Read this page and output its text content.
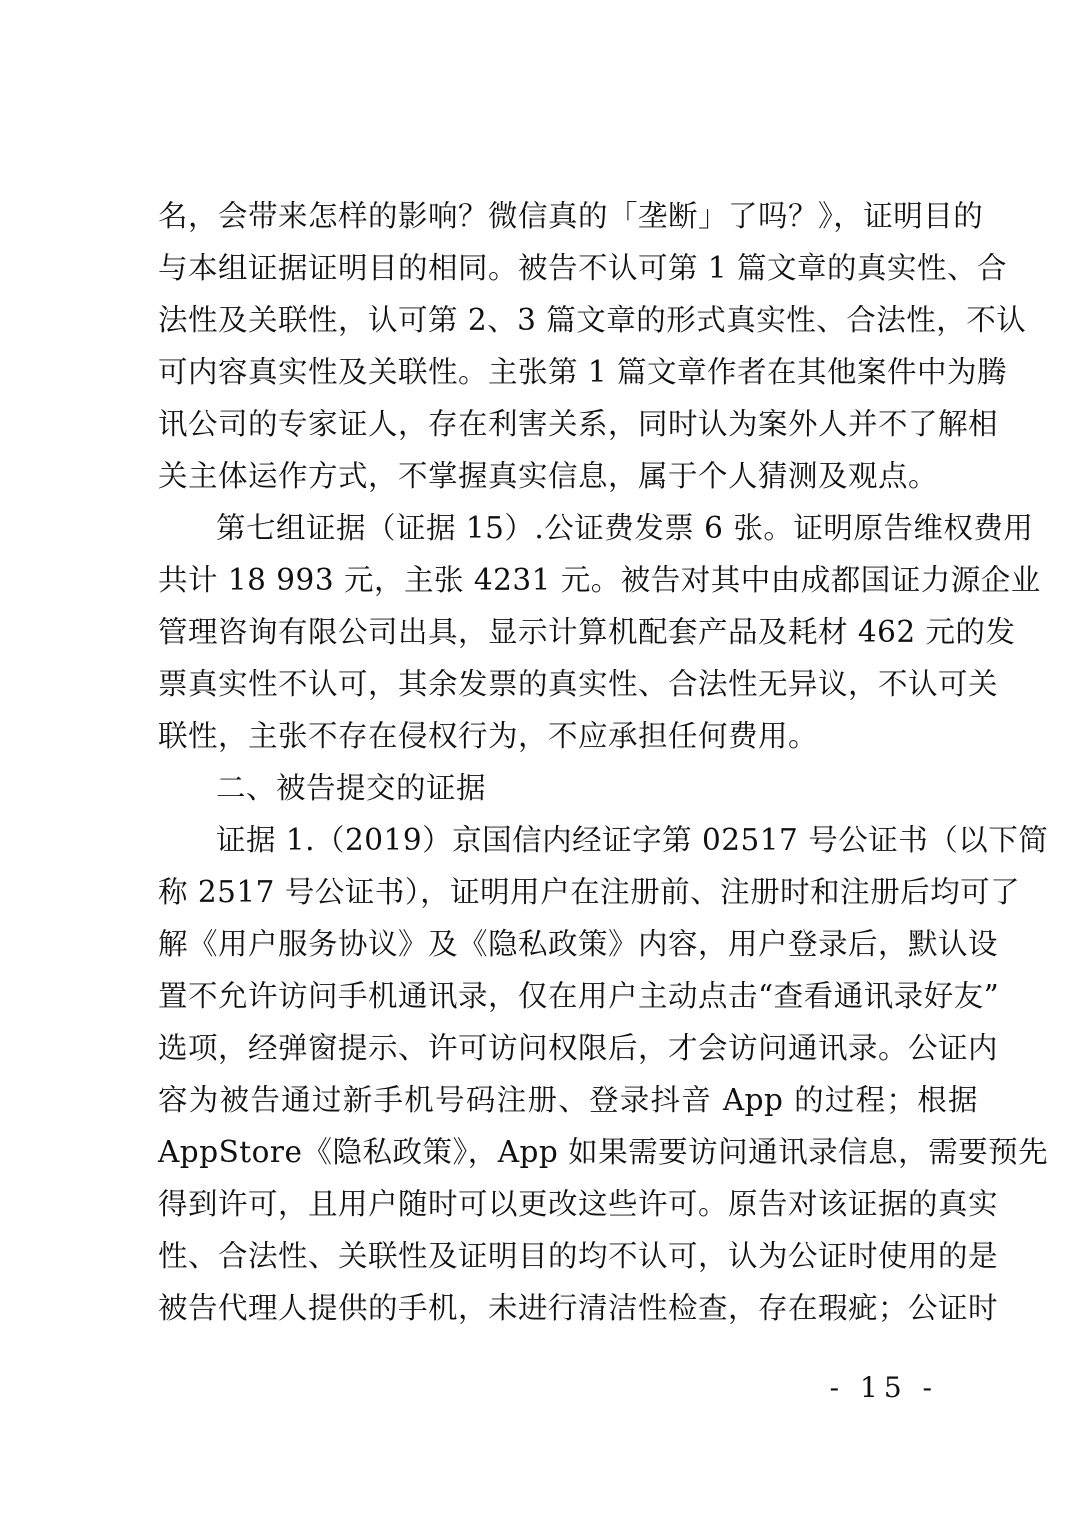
名，会带来怎样的影响？微信真的「垄断」了吗？》，证明目的
与本组证据证明目的相同。被告不认可第 1 篇文章的真实性、合
法性及关联性，认可第 2、3 篇文章的形式真实性、合法性，不认
可内容真实性及关联性。主张第 1 篇文章作者在其他案件中为腾
讯公司的专家证人，存在利害关系，同时认为案外人并不了解相
关主体运作方式，不掌握真实信息，属于个人猜测及观点。
第七组证据（证据 15）.公证费发票 6 张。证明原告维权费用
共计 18 993 元，主张 4231 元。被告对其中由成都国证力源企业
管理咨询有限公司出具，显示计算机配套产品及耗材 462 元的发
票真实性不认可，其余发票的真实性、合法性无异议，不认可关
联性，主张不存在侵权行为，不应承担任何费用。
二、被告提交的证据
证据 1.（2019）京国信内经证字第 02517 号公证书（以下简
称 2517 号公证书），证明用户在注册前、注册时和注册后均可了
解《用户服务协议》及《隐私政策》内容，用户登录后，默认设
置不允许访问手机通讯录，仅在用户主动点击“查看通讯录好友”
选项，经弹窗提示、许可访问权限后，才会访问通讯录。公证内
容为被告通过新手机号码注册、登录抖音 App 的过程；根据
AppStore《隐私政策》，App 如果需要访问通讯录信息，需要预先
得到许可，且用户随时可以更改这些许可。原告对该证据的真实
性、合法性、关联性及证明目的均不认可，认为公证时使用的是
被告代理人提供的手机，未进行清洁性检查，存在瑕疵；公证时
- 15 -
